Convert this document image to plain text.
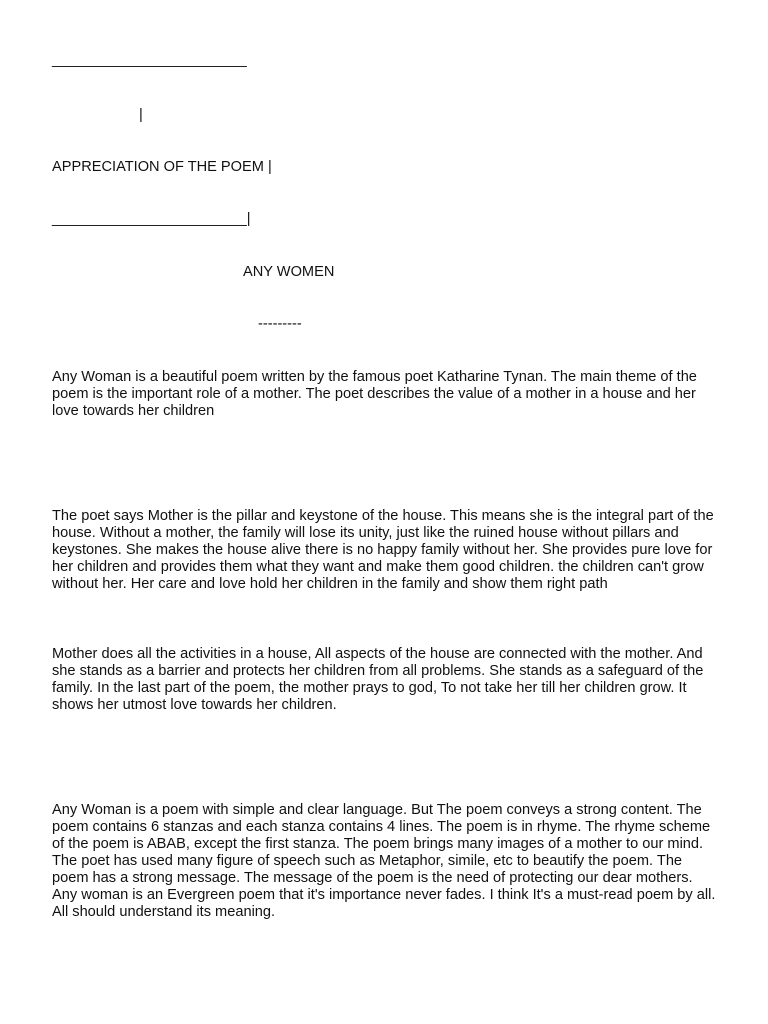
________________________
|
APPRECIATION OF THE POEM |
________________________|
ANY WOMEN
---------

Any Woman is a beautiful poem written by the famous poet Katharine Tynan. The main theme of the poem is the important role of a mother. The poet describes the value of a mother in a house and her love towards her children

The poet says Mother is the pillar and keystone of the house. This means she is the integral part of the house. Without a mother, the family will lose its unity, just like the ruined house without pillars and keystones. She makes the house alive there is no happy family without her. She provides pure love for her children and provides them what they want and make them good children. the children can't grow without her. Her care and love hold her children in the family and show them right path

Mother does all the activities in a house, All aspects of the house are connected with the mother. And she stands as a barrier and protects her children from all problems. She stands as a safeguard of the family. In the last part of the poem, the mother prays to god, To not take her till her children grow. It shows her utmost love towards her children.

Any Woman is a poem with simple and clear language. But The poem conveys a strong content. The poem contains 6 stanzas and each stanza contains 4 lines. The poem is in rhyme. The rhyme scheme of the poem is ABAB, except the first stanza. The poem brings many images of a mother to our mind. The poet has used many figure of speech such as Metaphor, simile, etc to beautify the poem. The poem has a strong message. The message of the poem is the need of protecting our dear mothers. Any woman is an Evergreen poem that it's importance never fades. I think It's a must-read poem by all. All should understand its meaning.
